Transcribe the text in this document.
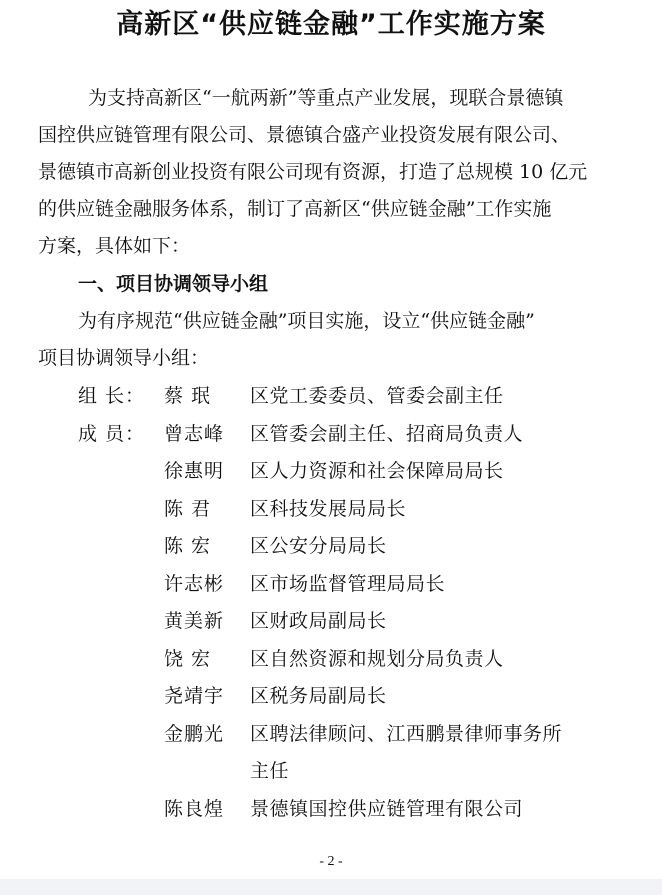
高新区“供应链金融”工作实施方案
为支持高新区“一航两新”等重点产业发展，现联合景德镇
国控供应链管理有限公司、景德镇合盛产业投资发展有限公司、
景德镇市高新创业投资有限公司现有资源，打造了总规模 10 亿元
的供应链金融服务体系，制订了高新区“供应链金融”工作实施
方案，具体如下：
一、项目协调领导小组
为有序规范“供应链金融”项目实施，设立“供应链金融”
项目协调领导小组：
组 长： 蔡 珉 区党工委委员、管委会副主任
成 员： 曾志峰 区管委会副主任、招商局负责人
徐惠明 区人力资源和社会保障局局长
陈 君 区科技发展局局长
陈 宏 区公安分局局长
许志彬 区市场监督管理局局长
黄美新 区财政局副局长
饶 宏 区自然资源和规划分局负责人
尧靖宇 区税务局副局长
金鹏光 区聘法律顾问、江西鹏景律师事务所
主任
陈良煌 景德镇国控供应链管理有限公司
- 2 -
